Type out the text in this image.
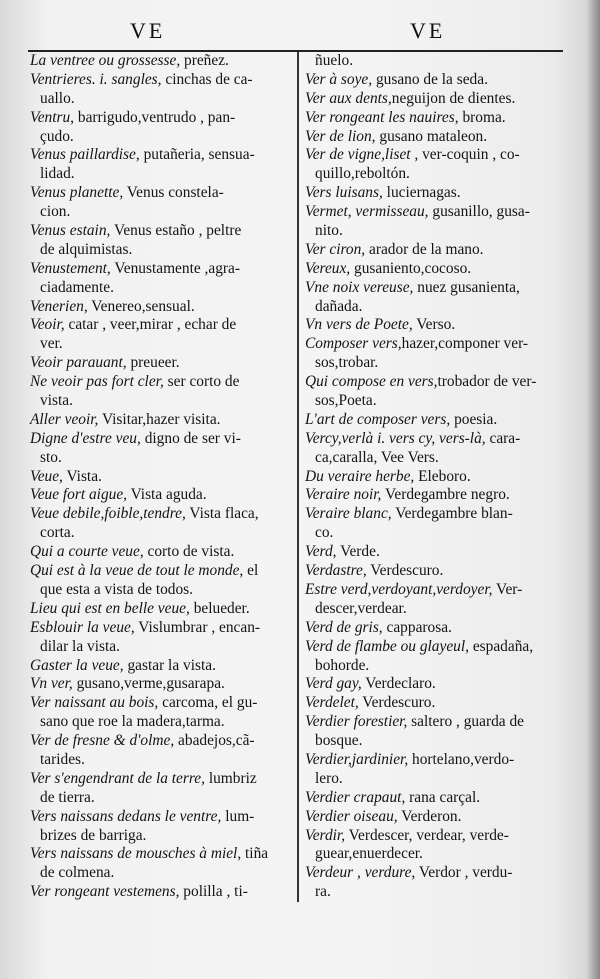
VE	VE
La ventree ou grossesse, preñez.
Ventrieres. i. sangles, cinchas de ca-
uallo.
Ventru, barrigudo,ventrudo , pan-
çudo.
Venus paillardise, putañeria, sensua-
lidad.
Venus planette, Venus constela-
cion.
Venus estain, Venus estaño , peltre
de alquimistas.
Venustement, Venustamente ,agra-
ciadamente.
Venerien, Venereo,sensual.
Veoir, catar , veer,mirar , echar de
ver.
Veoir parauant, preueer.
Ne veoir pas fort cler, ser corto de
vista.
Aller veoir, Visitar,hazer visita.
Digne d'estre veu, digno de ser vi-
sto.
Veue, Vista.
Veue fort aigue, Vista aguda.
Veue debile,foible,tendre, Vista flaca,
corta.
Qui a courte veue, corto de vista.
Qui est à la veue de tout le monde, el
que esta a vista de todos.
Lieu qui est en belle veue, belueder.
Esblouir la veue, Vislumbrar , encan-
dilar la vista.
Gaster la veue, gastar la vista.
Vn ver, gusano,verme,gusarapa.
Ver naissant au bois, carcoma, el gu-
sano que roe la madera,tarma.
Ver de fresne & d'olme, abadejos,cã-
tarides.
Ver s'engendrant de la terre, lumbriz
de tierra.
Vers naissans dedans le ventre, lum-
brizes de barriga.
Vers naissans de mousches à miel, tiña
de colmena.
Ver rongeant vestemens, polilla , ti-
ñuelo.
Ver à soye, gusano de la seda.
Ver aux dents,neguijon de dientes.
Ver rongeant les nauires, broma.
Ver de lion, gusano mataleon.
Ver de vigne,liset , ver-coquin , co-
quillo,reboltón.
Vers luisans, luciernagas.
Vermet, vermisseau, gusanillo, gusa-
nito.
Ver ciron, arador de la mano.
Vereux, gusaniento,cocoso.
Vne noix vereuse, nuez gusanienta,
dañada.
Vn vers de Poete, Verso.
Composer vers,hazer,componer ver-
sos,trobar.
Qui compose en vers,trobador de ver-
sos,Poeta.
L'art de composer vers, poesia.
Vercy,verlà i. vers cy, vers-là, cara-
ca,caralla, Vee Vers.
Du veraire herbe, Eleboro.
Veraire noir, Verdegambre negro.
Veraire blanc, Verdegambre blan-
co.
Verd, Verde.
Verdastre, Verdescuro.
Estre verd,verdoyant,verdoyer, Ver-
descer,verdear.
Verd de gris, capparosa.
Verd de flambe ou glayeul, espadaña,
bohorde.
Verd gay, Verdeclaro.
Verdelet, Verdescuro.
Verdier forestier, saltero , guarda de
bosque.
Verdier,jardinier, hortelano,verdo-
lero.
Verdier crapaut, rana carçal.
Verdier oiseau, Verderon.
Verdir, Verdescer, verdear, verde-
guear,enuerdecer.
Verdeur , verdure, Verdor , verdu-
ra.
